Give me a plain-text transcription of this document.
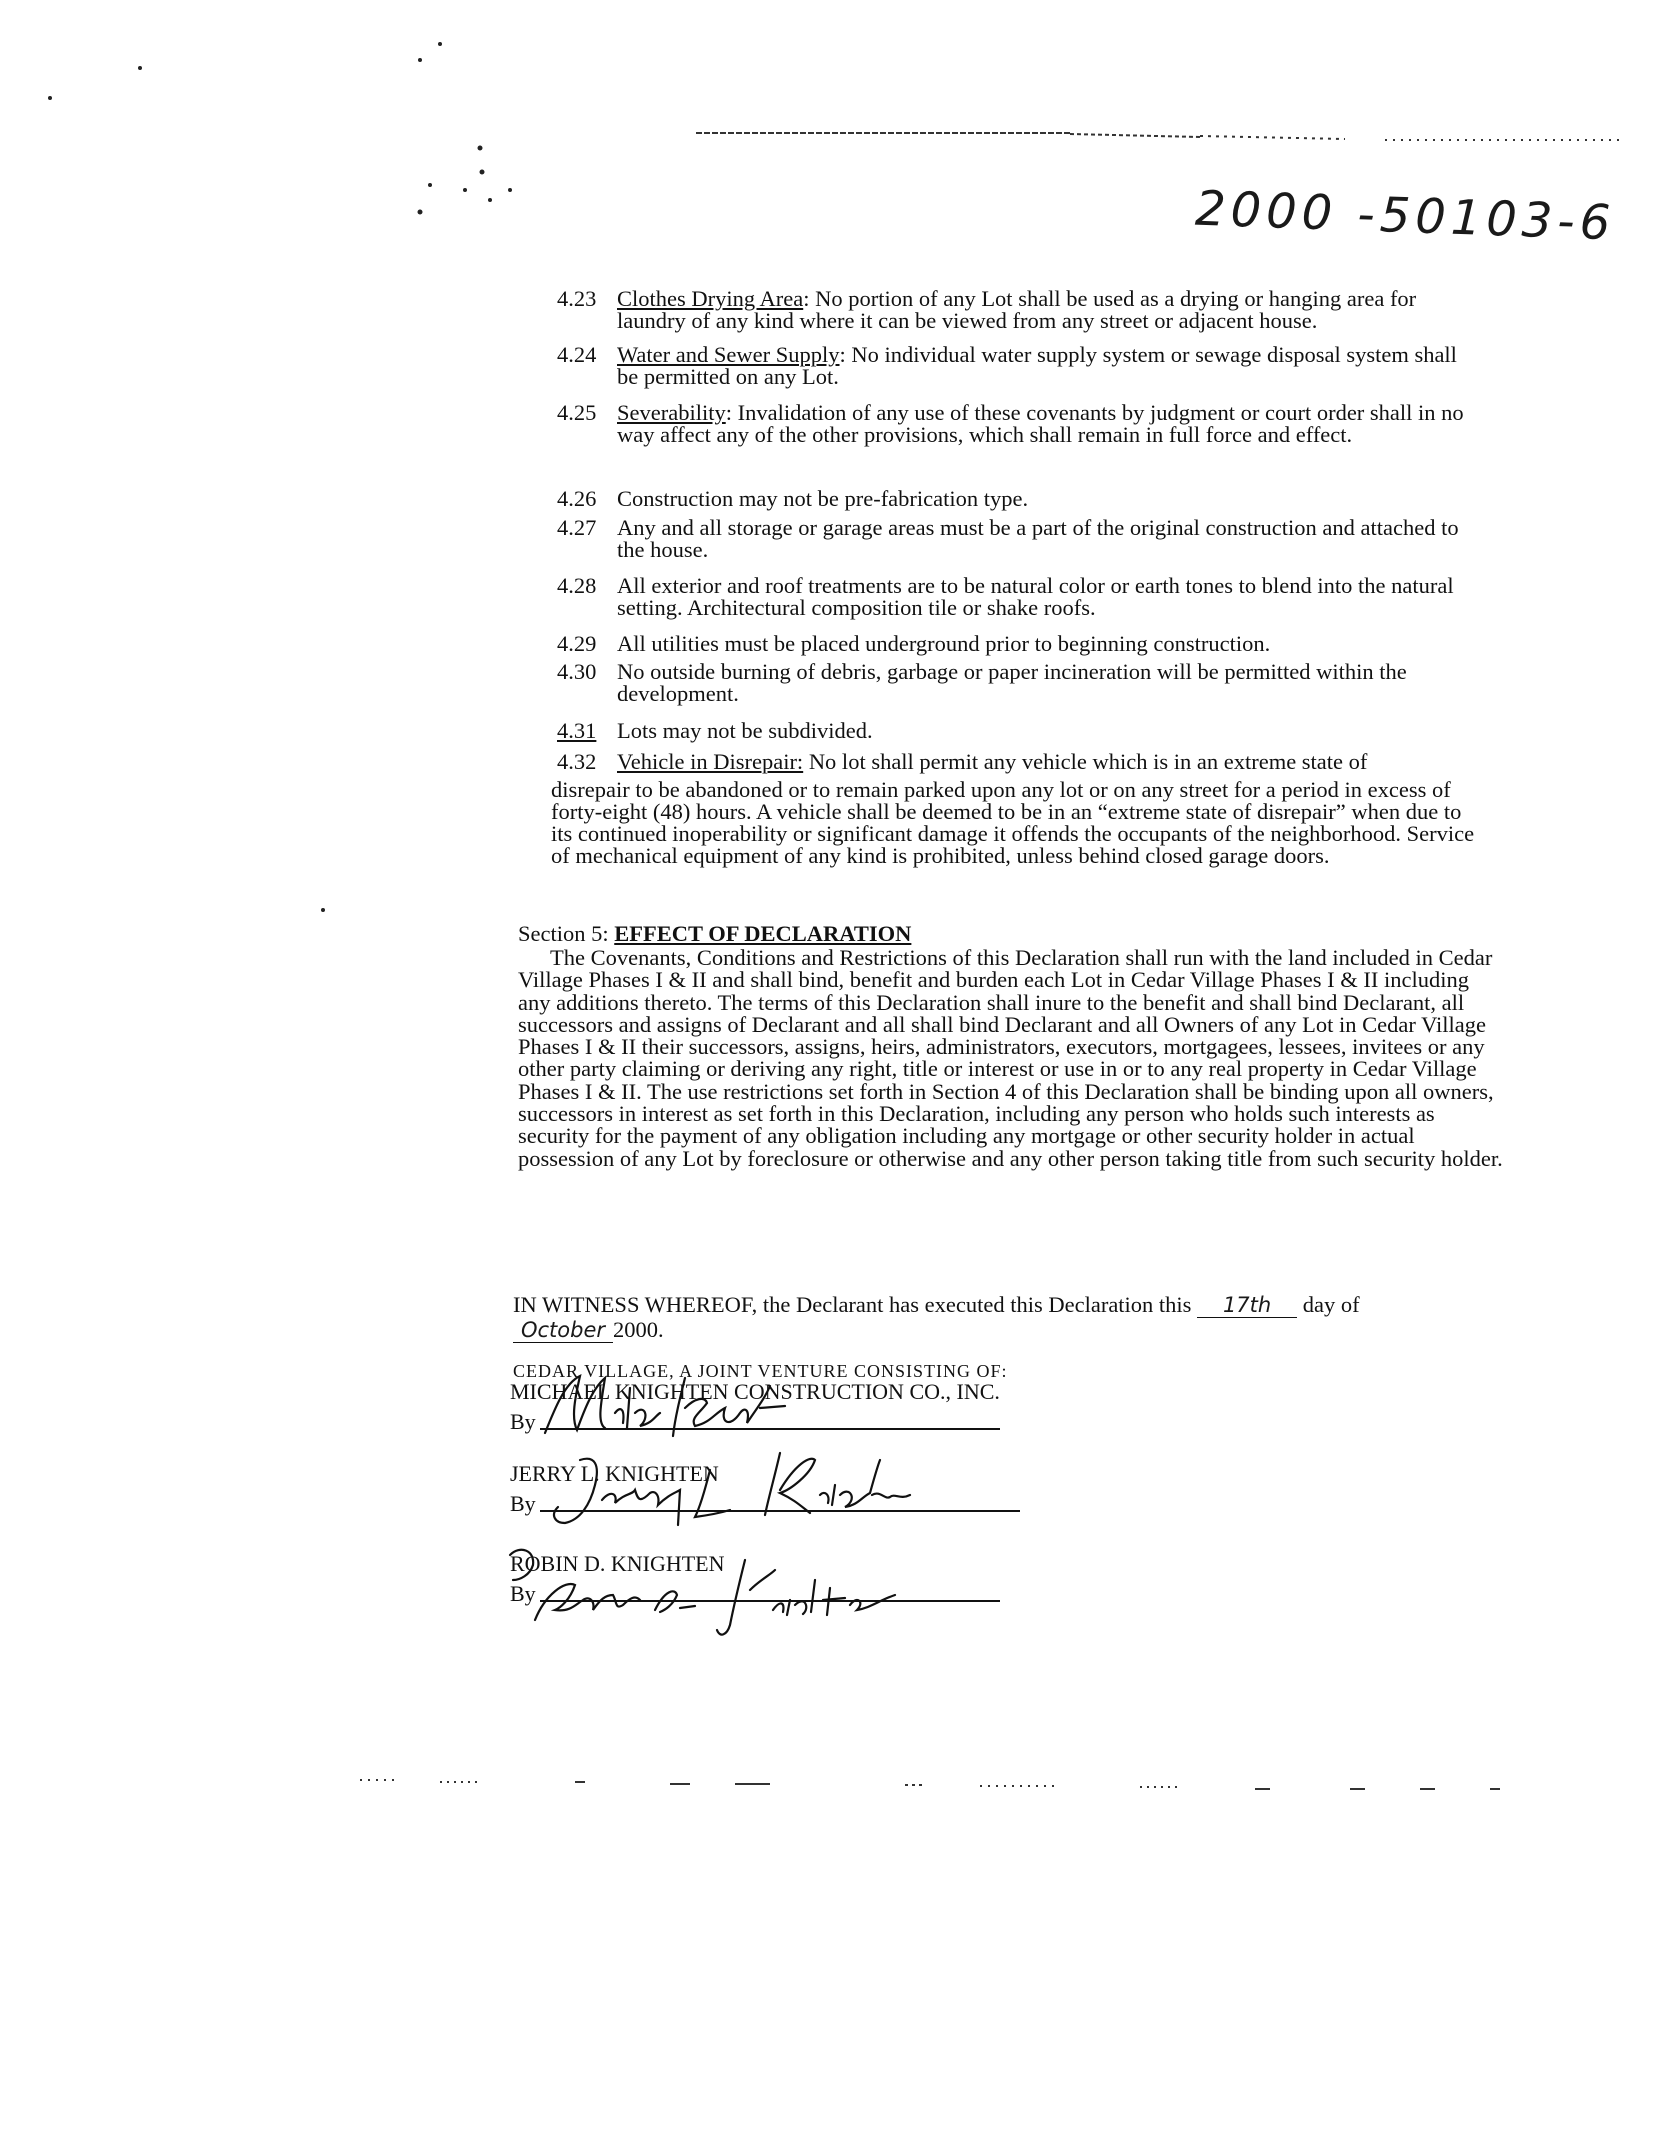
2000 -50103-6
4.23 Clothes Drying Area: No portion of any Lot shall be used as a drying or hanging area for laundry of any kind where it can be viewed from any street or adjacent house.
4.24 Water and Sewer Supply: No individual water supply system or sewage disposal system shall be permitted on any Lot.
4.25 Severability: Invalidation of any use of these covenants by judgment or court order shall in no way affect any of the other provisions, which shall remain in full force and effect.
4.26 Construction may not be pre-fabrication type.
4.27 Any and all storage or garage areas must be a part of the original construction and attached to the house.
4.28 All exterior and roof treatments are to be natural color or earth tones to blend into the natural setting. Architectural composition tile or shake roofs.
4.29 All utilities must be placed underground prior to beginning construction.
4.30 No outside burning of debris, garbage or paper incineration will be permitted within the development.
4.31 Lots may not be subdivided.
4.32 Vehicle in Disrepair: No lot shall permit any vehicle which is in an extreme state of
disrepair to be abandoned or to remain parked upon any lot or on any street for a period in excess of forty-eight (48) hours. A vehicle shall be deemed to be in an “extreme state of disrepair” when due to its continued inoperability or significant damage it offends the occupants of the neighborhood. Service of mechanical equipment of any kind is prohibited, unless behind closed garage doors.
Section 5: EFFECT OF DECLARATION
The Covenants, Conditions and Restrictions of this Declaration shall run with the land included in Cedar Village Phases I & II and shall bind, benefit and burden each Lot in Cedar Village Phases I & II including any additions thereto. The terms of this Declaration shall inure to the benefit and shall bind Declarant, all successors and assigns of Declarant and all shall bind Declarant and all Owners of any Lot in Cedar Village Phases I & II their successors, assigns, heirs, administrators, executors, mortgagees, lessees, invitees or any other party claiming or deriving any right, title or interest or use in or to any real property in Cedar Village Phases I & II. The use restrictions set forth in Section 4 of this Declaration shall be binding upon all owners, successors in interest as set forth in this Declaration, including any person who holds such interests as security for the payment of any obligation including any mortgage or other security holder in actual possession of any Lot by foreclosure or otherwise and any other person taking title from such security holder.
IN WITNESS WHEREOF, the Declarant has executed this Declaration this 17th day of
October 2000.
CEDAR VILLAGE, A JOINT VENTURE CONSISTING OF:
MICHAEL KNIGHTEN CONSTRUCTION CO., INC.
By
JERRY L. KNIGHTEN
By
ROBIN D. KNIGHTEN
By
